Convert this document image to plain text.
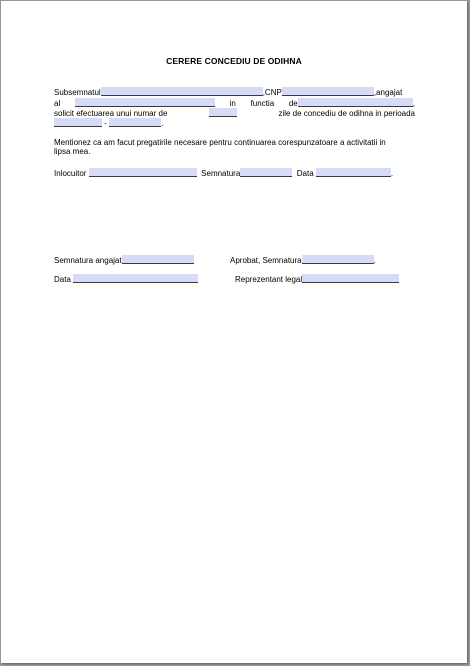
CERERE CONCEDIU DE ODIHNA
Subsemnatul	,CNP	,angajat
al	in functia de	,
solicit efectuarea unui numar de	zile de concediu de odihna in perioada
-	.
Mentionez ca am facut pregatirile necesare pentru continuarea corespunzatoare a activitatii in
lipsa mea.
Inlocuitor	Semnatura	Data	.
Semnatura angajat	Aprobat, Semnatura	.
Data	Reprezentant legal
